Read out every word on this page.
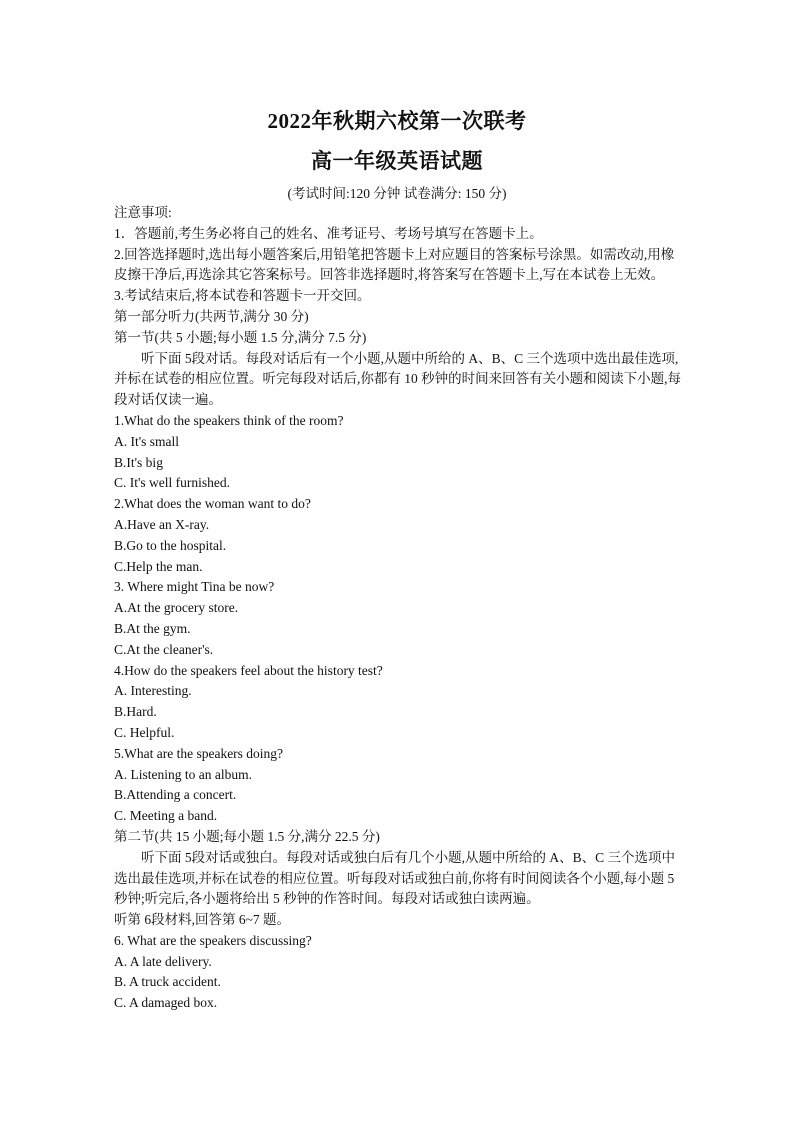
2022年秋期六校第一次联考
高一年级英语试题
(考试时间:120 分钟 试卷满分: 150 分)
注意事项:
1．答题前,考生务必将自己的姓名、准考证号、考场号填写在答题卡上。
2.回答选择题时,选出每小题答案后,用铅笔把答题卡上对应题目的答案标号涂黑。如需改动,用橡皮擦干净后,再选涂其它答案标号。回答非选择题时,将答案写在答题卡上,写在本试卷上无效。
3.考试结束后,将本试卷和答题卡一开交回。
第一部分听力(共两节,满分 30 分)
第一节(共 5 小题;每小题 1.5 分,满分 7.5 分)
听下面 5段对话。每段对话后有一个小题,从题中所给的 A、B、C 三个选项中选出最佳选项,并标在试卷的相应位置。听完每段对话后,你都有 10 秒钟的时间来回答有关小题和阅读下小题,每段对话仅读一遍。
1.What do the speakers think of the room?
A. It's small
B.It's big
C. It's well furnished.
2.What does the woman want to do?
A.Have an X-ray.
B.Go to the hospital.
C.Help the man.
3. Where might Tina be now?
A.At the grocery store.
B.At the gym.
C.At the cleaner's.
4.How do the speakers feel about the history test?
A. Interesting.
B.Hard.
C. Helpful.
5.What are the speakers doing?
A. Listening to an album.
B.Attending a concert.
C. Meeting a band.
第二节(共 15 小题;每小题 1.5 分,满分 22.5 分)
听下面 5段对话或独白。每段对话或独白后有几个小题,从题中所给的 A、B、C 三个选项中选出最佳选项,并标在试卷的相应位置。听每段对话或独白前,你将有时间阅读各个小题,每小题 5 秒钟;听完后,各小题将给出 5 秒钟的作答时间。每段对话或独白读两遍。
听第 6段材料,回答第 6~7 题。
6. What are the speakers discussing?
A. A late delivery.
B. A truck accident.
C. A damaged box.
